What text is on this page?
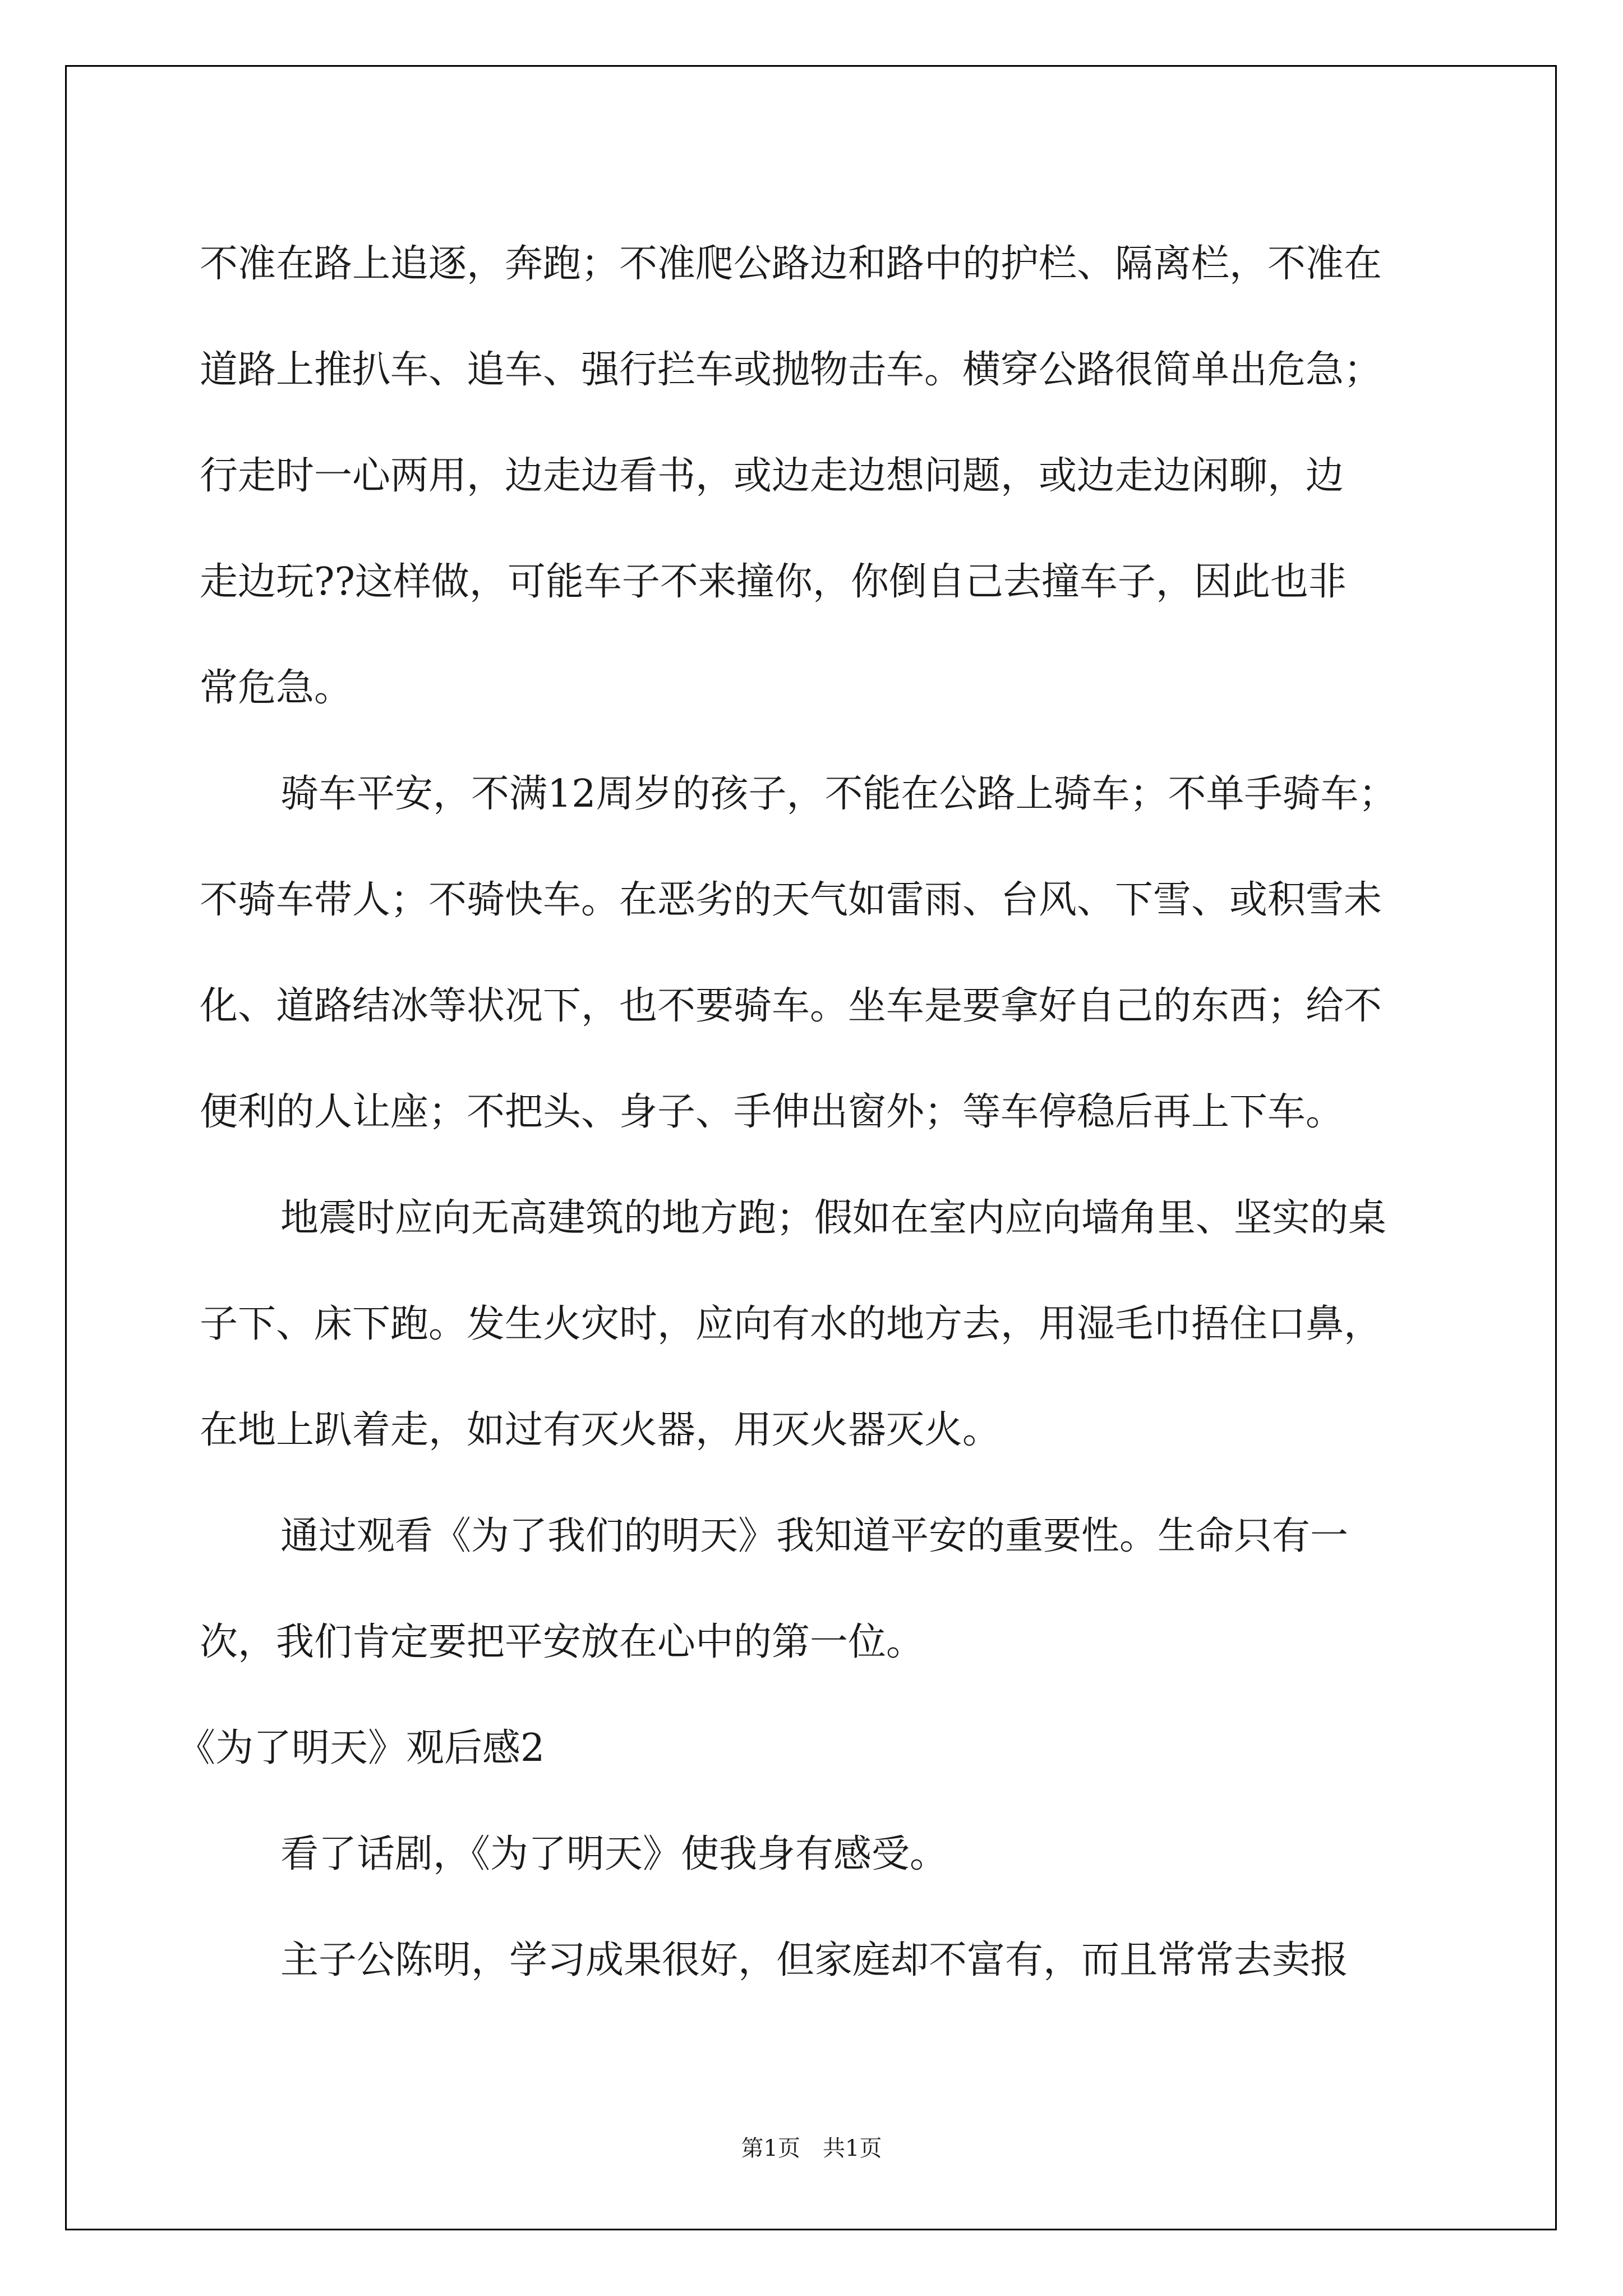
不准在路上追逐，奔跑；不准爬公路边和路中的护栏、隔离栏，不准在

道路上推扒车、追车、强行拦车或抛物击车。横穿公路很简单出危急；

行走时一心两用，边走边看书，或边走边想问题，或边走边闲聊，边

走边玩??这样做，可能车子不来撞你，你倒自己去撞车子，因此也非

常危急。

骑车平安，不满12周岁的孩子，不能在公路上骑车；不单手骑车；

不骑车带人；不骑快车。在恶劣的天气如雷雨、台风、下雪、或积雪未

化、道路结冰等状况下，也不要骑车。坐车是要拿好自己的东西；给不

便利的人让座；不把头、身子、手伸出窗外；等车停稳后再上下车。

地震时应向无高建筑的地方跑；假如在室内应向墙角里、坚实的桌

子下、床下跑。发生火灾时，应向有水的地方去，用湿毛巾捂住口鼻，

在地上趴着走，如过有灭火器，用灭火器灭火。

通过观看《为了我们的明天》我知道平安的重要性。生命只有一

次，我们肯定要把平安放在心中的第一位。

《为了明天》观后感2

看了话剧，《为了明天》使我身有感受。

主子公陈明，学习成果很好，但家庭却不富有，而且常常去卖报

第1页　共1页
